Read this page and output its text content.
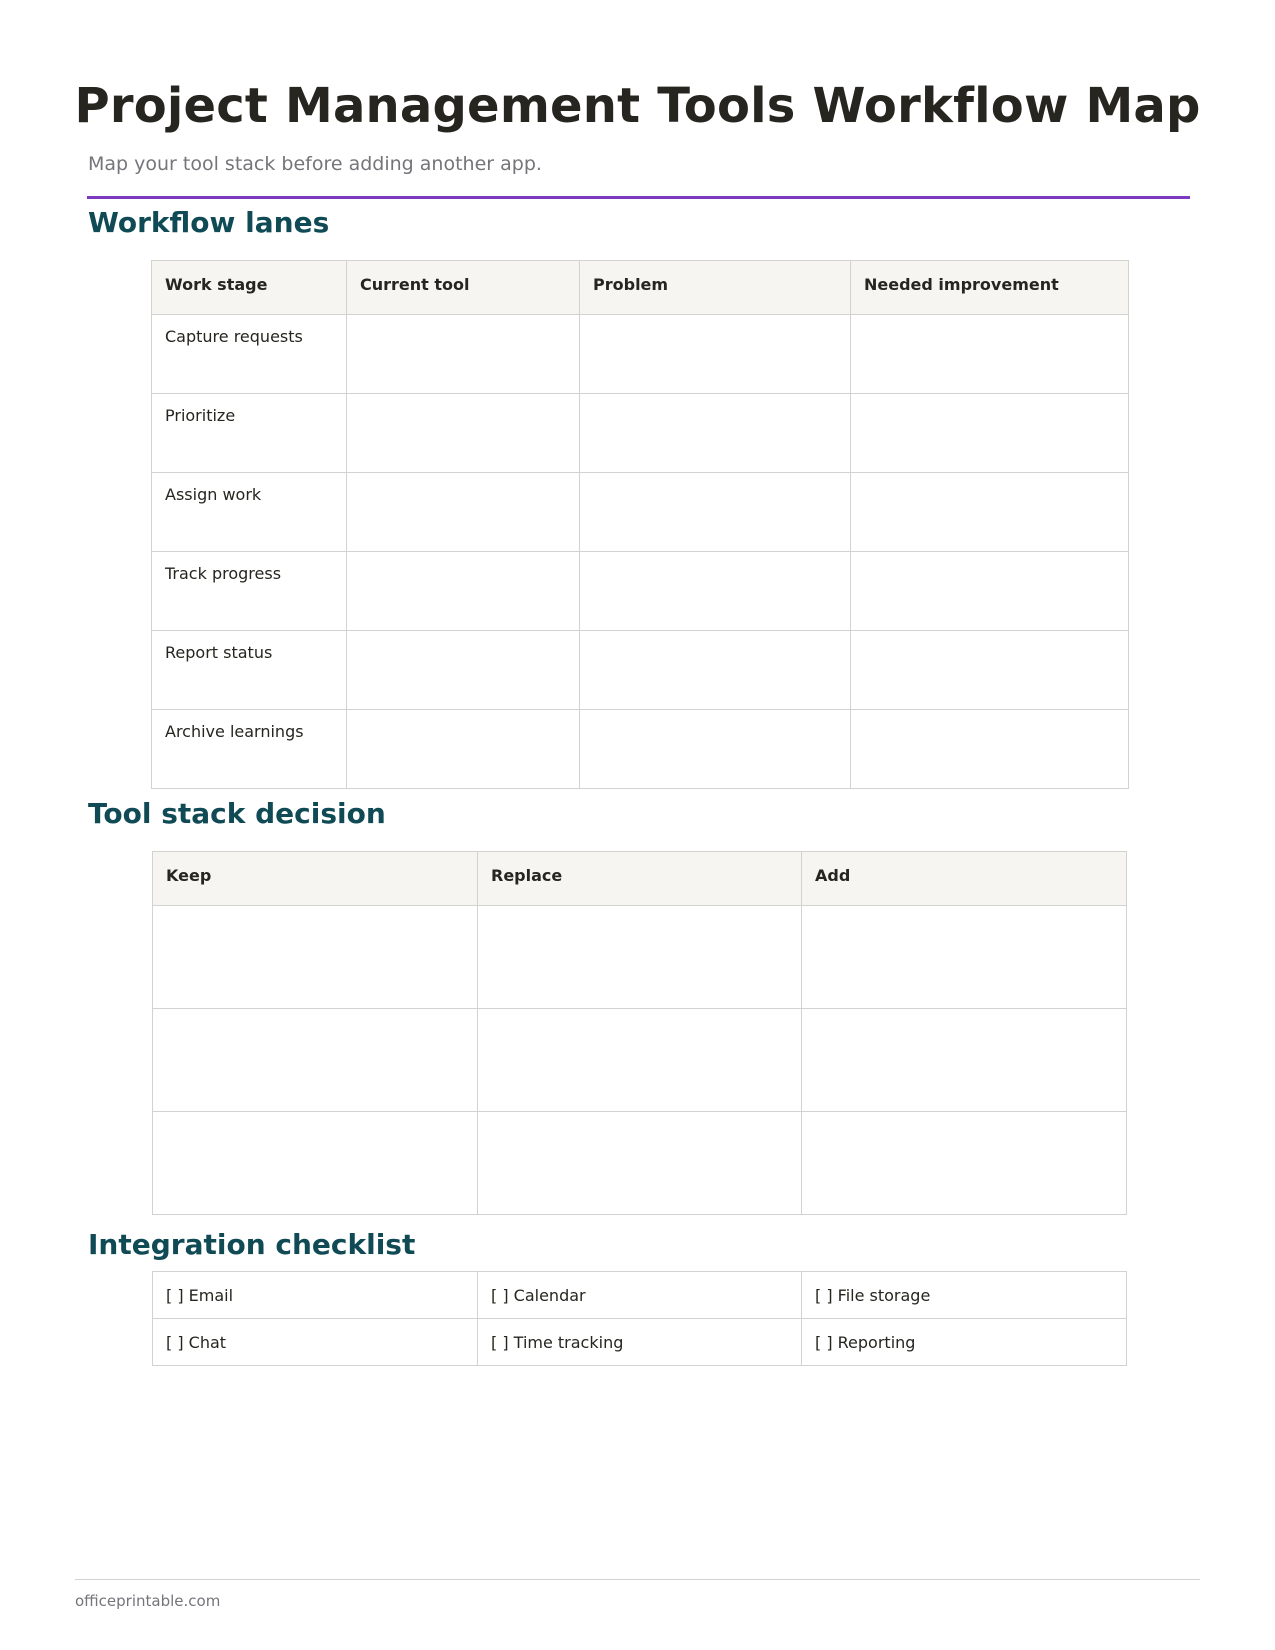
Project Management Tools Workflow Map

Map your tool stack before adding another app.

Workflow lanes
Work stage	Current tool	Problem	Needed improvement
Capture requests			
Prioritize			
Assign work			
Track progress			
Report status			
Archive learnings			
Tool stack decision
Keep	Replace	Add

Integration checklist
[ ] Email	[ ] Calendar	[ ] File storage
[ ] Chat	[ ] Time tracking	[ ] Reporting

officeprintable.com
